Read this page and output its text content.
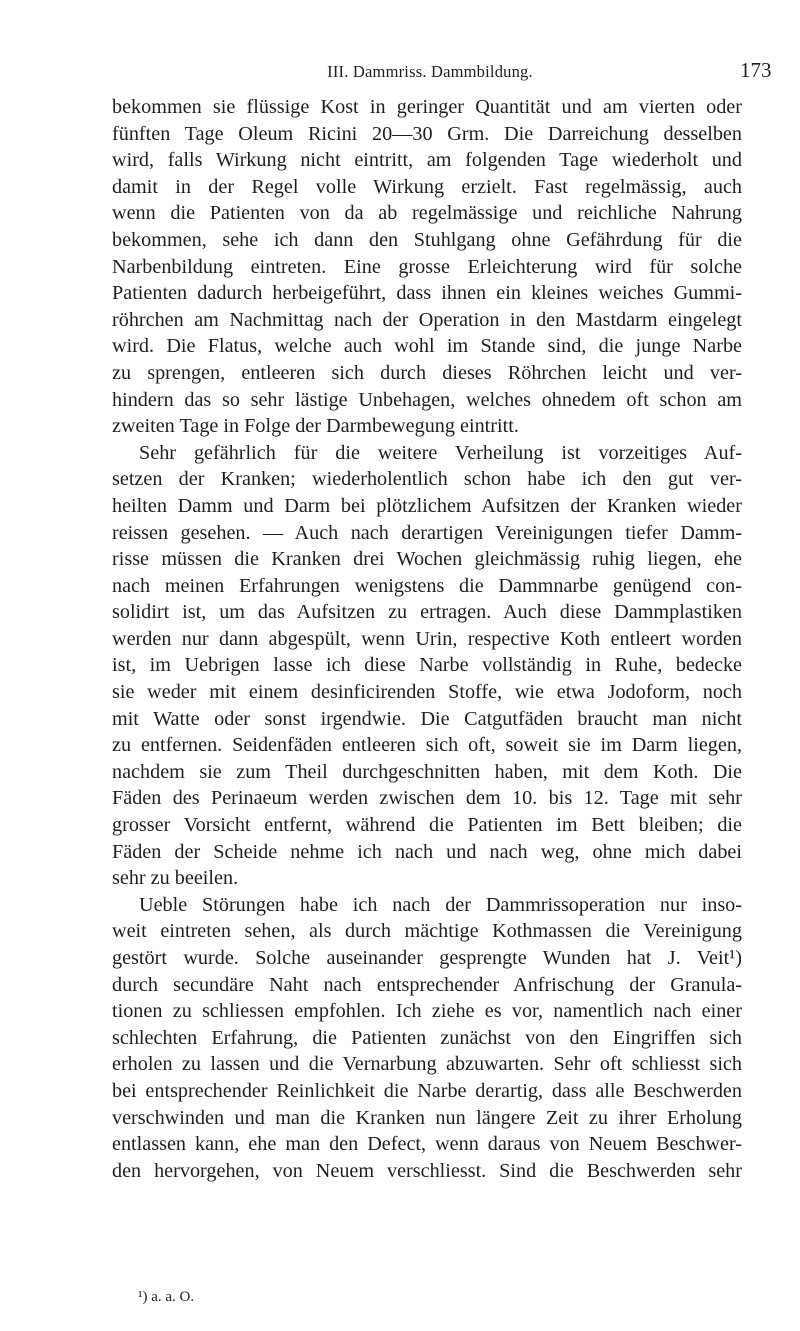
III. Dammriss. Dammbildung.	173
bekommen sie flüssige Kost in geringer Quantität und am vierten oder
fünften Tage Oleum Ricini 20—30 Grm. Die Darreichung desselben
wird, falls Wirkung nicht eintritt, am folgenden Tage wiederholt und
damit in der Regel volle Wirkung erzielt. Fast regelmässig, auch
wenn die Patienten von da ab regelmässige und reichliche Nahrung
bekommen, sehe ich dann den Stuhlgang ohne Gefährdung für die
Narbenbildung eintreten. Eine grosse Erleichterung wird für solche
Patienten dadurch herbeigeführt, dass ihnen ein kleines weiches Gummi-
röhrchen am Nachmittag nach der Operation in den Mastdarm eingelegt
wird. Die Flatus, welche auch wohl im Stande sind, die junge Narbe
zu sprengen, entleeren sich durch dieses Röhrchen leicht und ver-
hindern das so sehr lästige Unbehagen, welches ohnedem oft schon am
zweiten Tage in Folge der Darmbewegung eintritt.
Sehr gefährlich für die weitere Verheilung ist vorzeitiges Auf-
setzen der Kranken; wiederholentlich schon habe ich den gut ver-
heilten Damm und Darm bei plötzlichem Aufsitzen der Kranken wieder
reissen gesehen. — Auch nach derartigen Vereinigungen tiefer Damm-
risse müssen die Kranken drei Wochen gleichmässig ruhig liegen, ehe
nach meinen Erfahrungen wenigstens die Dammnarbe genügend con-
solidirt ist, um das Aufsitzen zu ertragen. Auch diese Dammplastiken
werden nur dann abgespült, wenn Urin, respective Koth entleert worden
ist, im Uebrigen lasse ich diese Narbe vollständig in Ruhe, bedecke
sie weder mit einem desinficirenden Stoffe, wie etwa Jodoform, noch
mit Watte oder sonst irgendwie. Die Catgutfäden braucht man nicht
zu entfernen. Seidenfäden entleeren sich oft, soweit sie im Darm liegen,
nachdem sie zum Theil durchgeschnitten haben, mit dem Koth. Die
Fäden des Perinaeum werden zwischen dem 10. bis 12. Tage mit sehr
grosser Vorsicht entfernt, während die Patienten im Bett bleiben; die
Fäden der Scheide nehme ich nach und nach weg, ohne mich dabei
sehr zu beeilen.
Ueble Störungen habe ich nach der Dammrissoperation nur inso-
weit eintreten sehen, als durch mächtige Kothmassen die Vereinigung
gestört wurde. Solche auseinander gesprengte Wunden hat J. Veit¹)
durch secundäre Naht nach entsprechender Anfrischung der Granula-
tionen zu schliessen empfohlen. Ich ziehe es vor, namentlich nach einer
schlechten Erfahrung, die Patienten zunächst von den Eingriffen sich
erholen zu lassen und die Vernarbung abzuwarten. Sehr oft schliesst sich
bei entsprechender Reinlichkeit die Narbe derartig, dass alle Beschwerden
verschwinden und man die Kranken nun längere Zeit zu ihrer Erholung
entlassen kann, ehe man den Defect, wenn daraus von Neuem Beschwer-
den hervorgehen, von Neuem verschliesst. Sind die Beschwerden sehr
¹) a. a. O.
